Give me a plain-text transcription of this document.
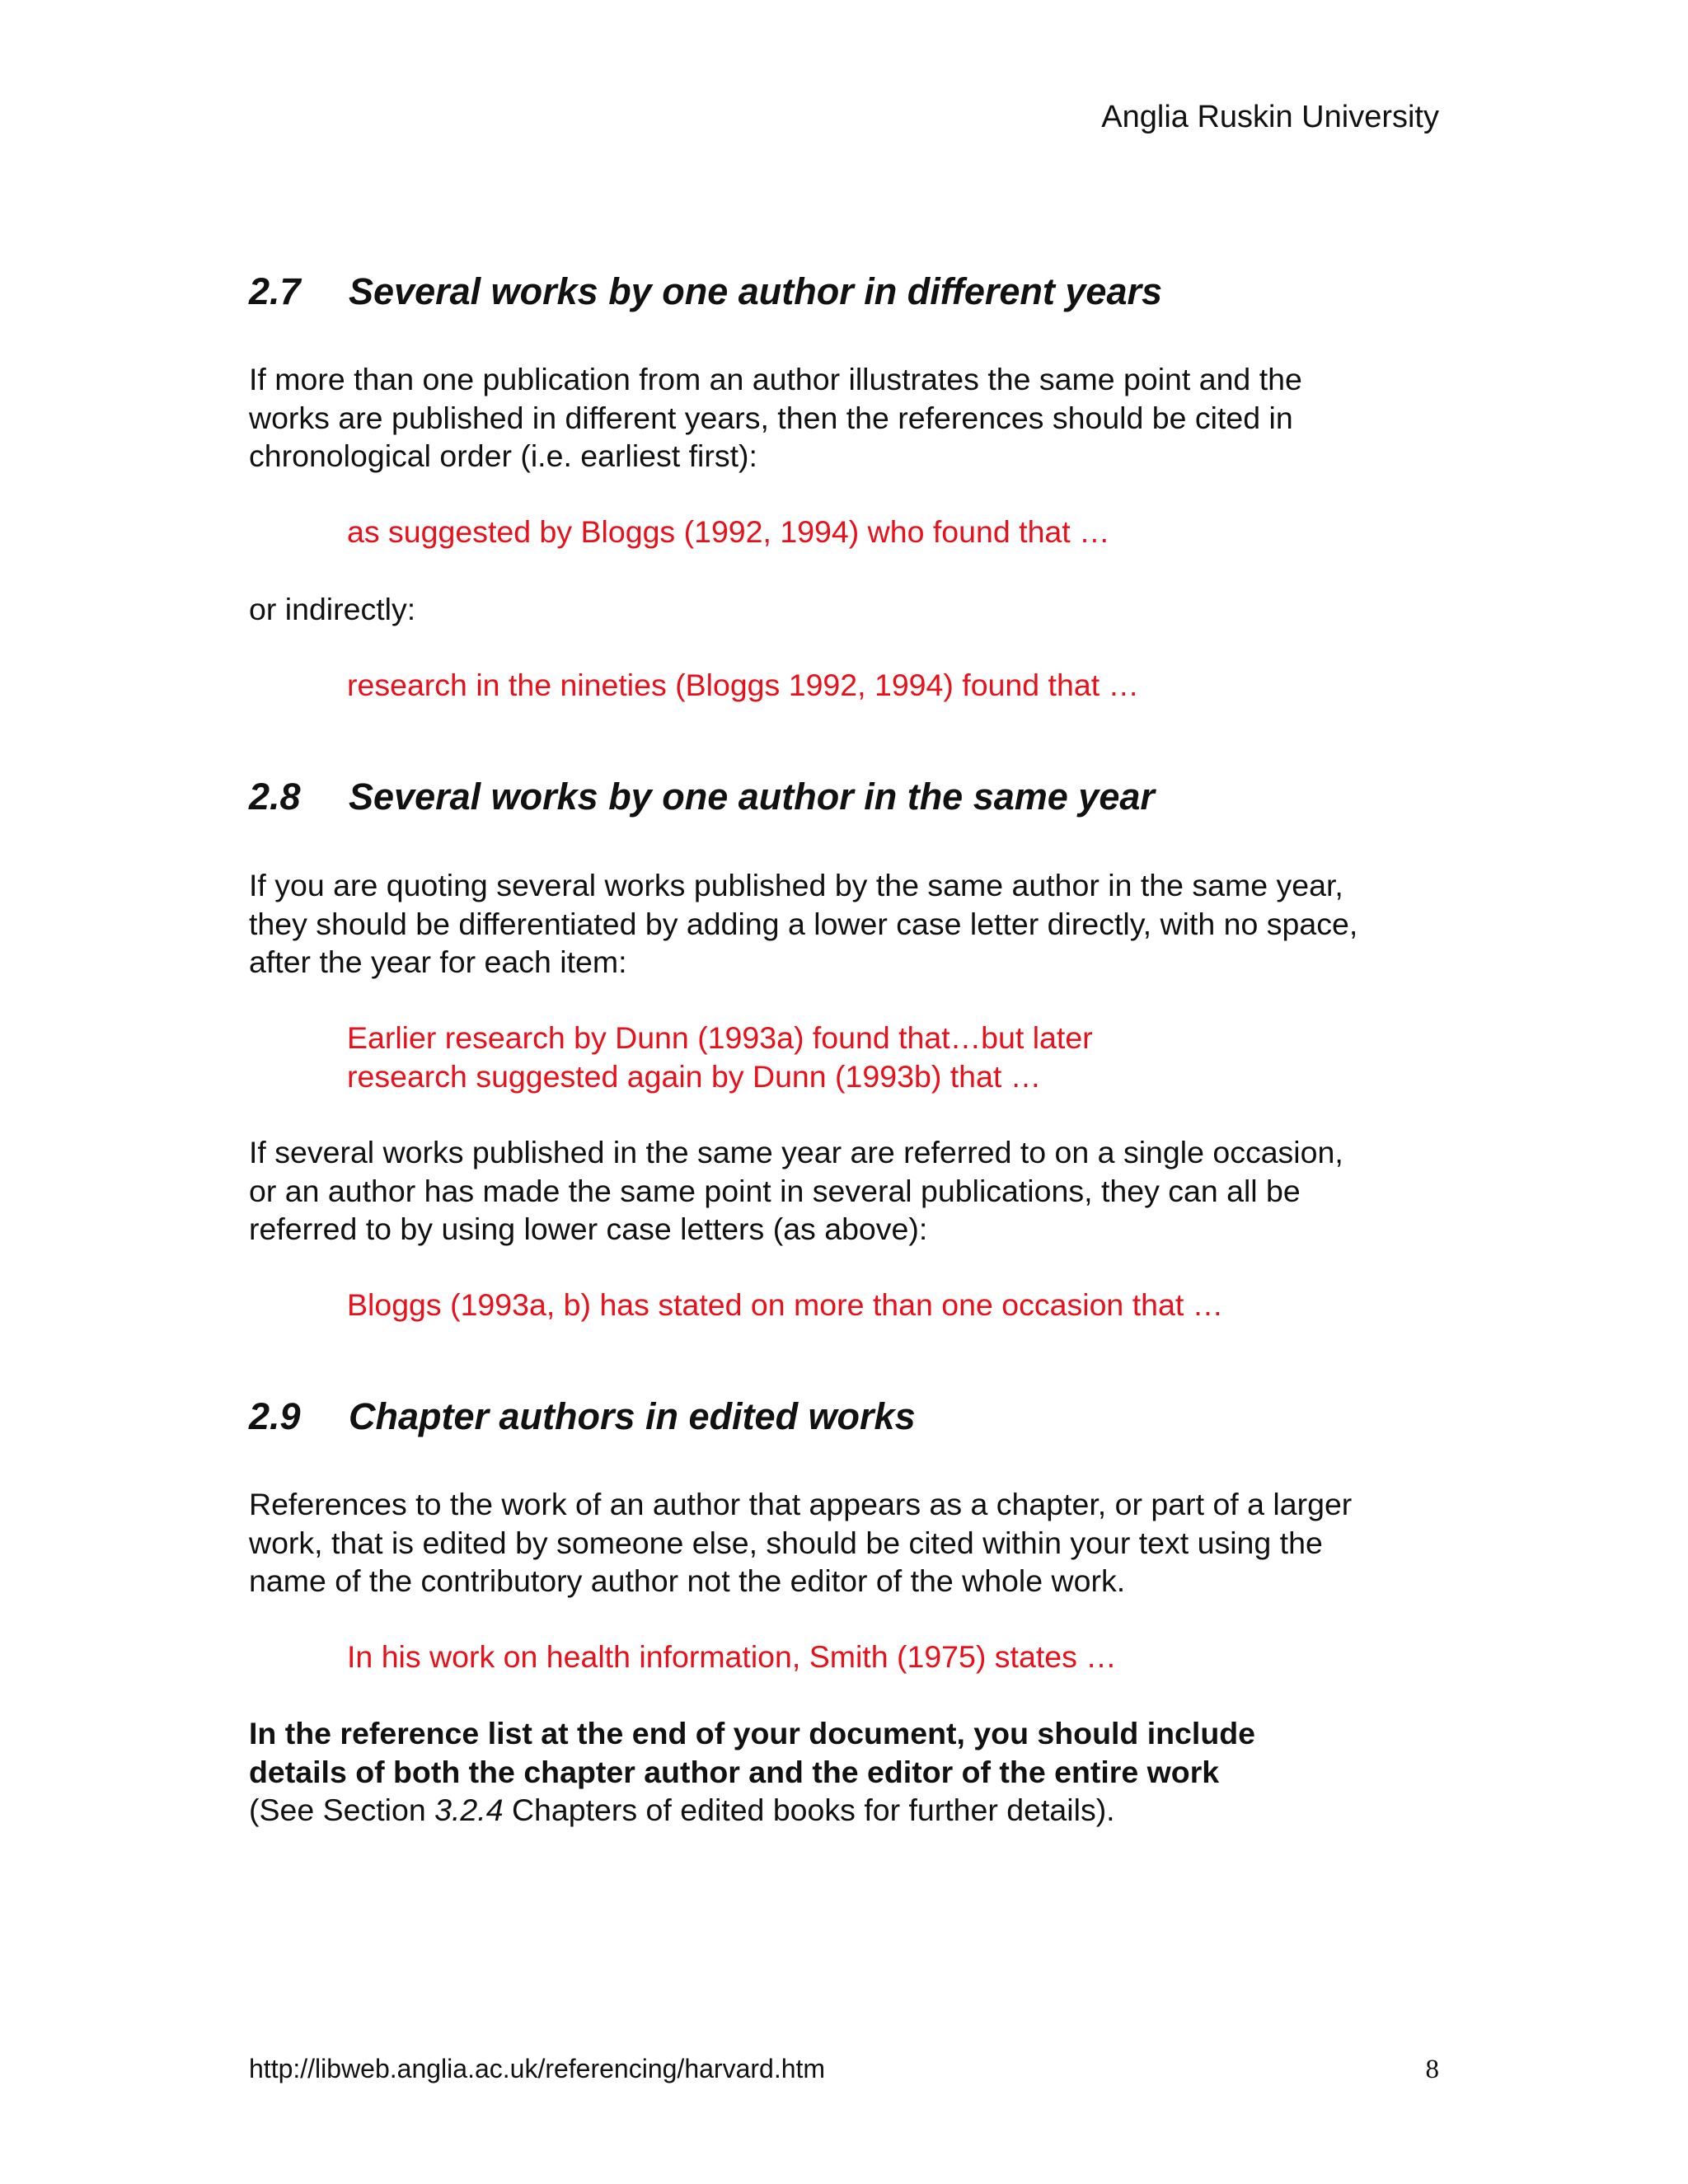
Anglia Ruskin University
2.7 Several works by one author in different years
If more than one publication from an author illustrates the same point and the
works are published in different years, then the references should be cited in
chronological order (i.e. earliest first):
as suggested by Bloggs (1992, 1994) who found that …
or indirectly:
research in the nineties (Bloggs 1992, 1994) found that …
2.8 Several works by one author in the same year
If you are quoting several works published by the same author in the same year,
they should be differentiated by adding a lower case letter directly, with no space,
after the year for each item:
Earlier research by Dunn (1993a) found that…but later
research suggested again by Dunn (1993b) that …
If several works published in the same year are referred to on a single occasion,
or an author has made the same point in several publications, they can all be
referred to by using lower case letters (as above):
Bloggs (1993a, b) has stated on more than one occasion that …
2.9 Chapter authors in edited works
References to the work of an author that appears as a chapter, or part of a larger
work, that is edited by someone else, should be cited within your text using the
name of the contributory author not the editor of the whole work.
In his work on health information, Smith (1975) states …
In the reference list at the end of your document, you should include
details of both the chapter author and the editor of the entire work
(See Section 3.2.4 Chapters of edited books for further details).
http://libweb.anglia.ac.uk/referencing/harvard.htm	8
